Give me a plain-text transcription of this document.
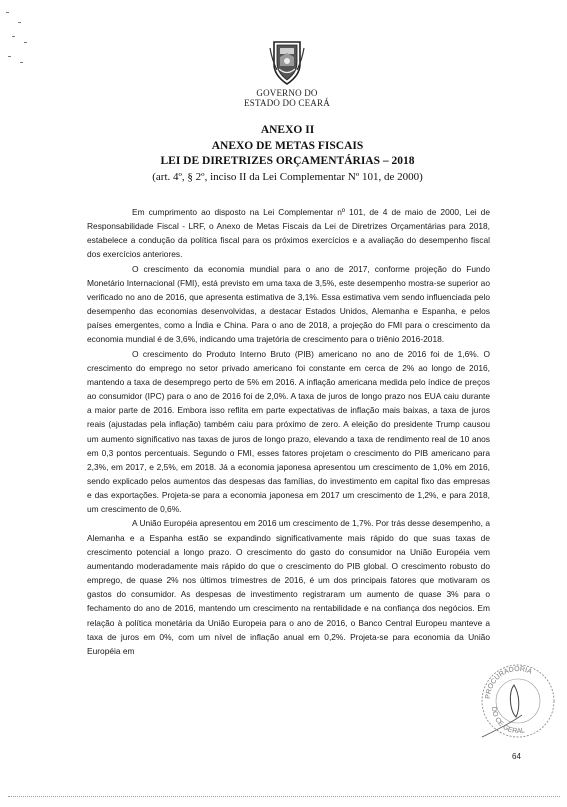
GOVERNO DO
ESTADO DO CEARÁ
ANEXO II
ANEXO DE METAS FISCAIS
LEI DE DIRETRIZES ORÇAMENTÁRIAS – 2018
(art. 4º, § 2º, inciso II da Lei Complementar Nº 101, de 2000)

Em cumprimento ao disposto na Lei Complementar nº 101, de 4 de maio de 2000, Lei de Responsabilidade Fiscal - LRF, o Anexo de Metas Fiscais da Lei de Diretrizes Orçamentárias para 2018, estabelece a condução da política fiscal para os próximos exercícios e a avaliação do desempenho fiscal dos exercícios anteriores.

O crescimento da economia mundial para o ano de 2017, conforme projeção do Fundo Monetário Internacional (FMI), está previsto em uma taxa de 3,5%, este desempenho mostra-se superior ao verificado no ano de 2016, que apresenta estimativa de 3,1%. Essa estimativa vem sendo influenciada pelo desempenho das economias desenvolvidas, a destacar Estados Unidos, Alemanha e Espanha, e pelos países emergentes, como a Índia e China. Para o ano de 2018, a projeção do FMI para o crescimento da economia mundial é de 3,6%, indicando uma trajetória de crescimento para o triênio 2016-2018.

O crescimento do Produto Interno Bruto (PIB) americano no ano de 2016 foi de 1,6%. O crescimento do emprego no setor privado americano foi constante em cerca de 2% ao longo de 2016, mantendo a taxa de desemprego perto de 5% em 2016. A inflação americana medida pelo índice de preços ao consumidor (IPC) para o ano de 2016 foi de 2,0%. A taxa de juros de longo prazo nos EUA caiu durante a maior parte de 2016. Embora isso reflita em parte expectativas de inflação mais baixas, a taxa de juros reais (ajustadas pela inflação) também caiu para próximo de zero. A eleição do presidente Trump causou um aumento significativo nas taxas de juros de longo prazo, elevando a taxa de rendimento real de 10 anos em 0,3 pontos percentuais. Segundo o FMI, esses fatores projetam o crescimento do PIB americano para 2,3%, em 2017, e 2,5%, em 2018. Já a economia japonesa apresentou um crescimento de 1,0% em 2016, sendo explicado pelos aumentos das despesas das famílias, do investimento em capital fixo das empresas e das exportações. Projeta-se para a economia japonesa em 2017 um crescimento de 1,2%, e para 2018, um crescimento de 0,6%.

A União Européia apresentou em 2016 um crescimento de 1,7%. Por trás desse desempenho, a Alemanha e a Espanha estão se expandindo significativamente mais rápido do que suas taxas de crescimento potencial a longo prazo. O crescimento do gasto do consumidor na União Européia vem aumentando moderadamente mais rápido do que o crescimento do PIB global. O crescimento robusto do emprego, de quase 2% nos últimos trimestres de 2016, é um dos principais fatores que motivaram os gastos do consumidor. As despesas de investimento registraram um aumento de quase 3% para o fechamento do ano de 2016, mantendo um crescimento na rentabilidade e na confiança dos negócios. Em relação à política monetária da União Europeia para o ano de 2016, o Banco Central Europeu manteve a taxa de juros em 0%, com um nível de inflação anual em 0,2%. Projeta-se para economia da União Européia em

PROCURADORIA
DO CE GERAL
64
